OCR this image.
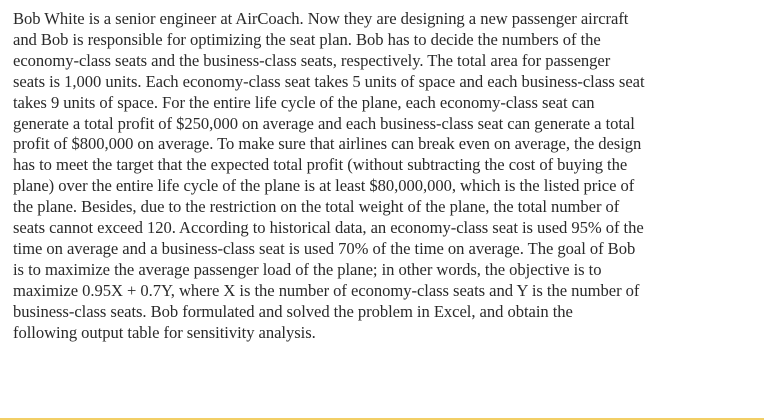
Bob White is a senior engineer at AirCoach. Now they are designing a new passenger aircraft
and Bob is responsible for optimizing the seat plan. Bob has to decide the numbers of the
economy-class seats and the business-class seats, respectively. The total area for passenger
seats is 1,000 units. Each economy-class seat takes 5 units of space and each business-class seat
takes 9 units of space. For the entire life cycle of the plane, each economy-class seat can
generate a total profit of $250,000 on average and each business-class seat can generate a total
profit of $800,000 on average. To make sure that airlines can break even on average, the design
has to meet the target that the expected total profit (without subtracting the cost of buying the
plane) over the entire life cycle of the plane is at least $80,000,000, which is the listed price of
the plane. Besides, due to the restriction on the total weight of the plane, the total number of
seats cannot exceed 120. According to historical data, an economy-class seat is used 95% of the
time on average and a business-class seat is used 70% of the time on average. The goal of Bob
is to maximize the average passenger load of the plane; in other words, the objective is to
maximize 0.95X + 0.7Y, where X is the number of economy-class seats and Y is the number of
business-class seats. Bob formulated and solved the problem in Excel, and obtain the
following output table for sensitivity analysis.
